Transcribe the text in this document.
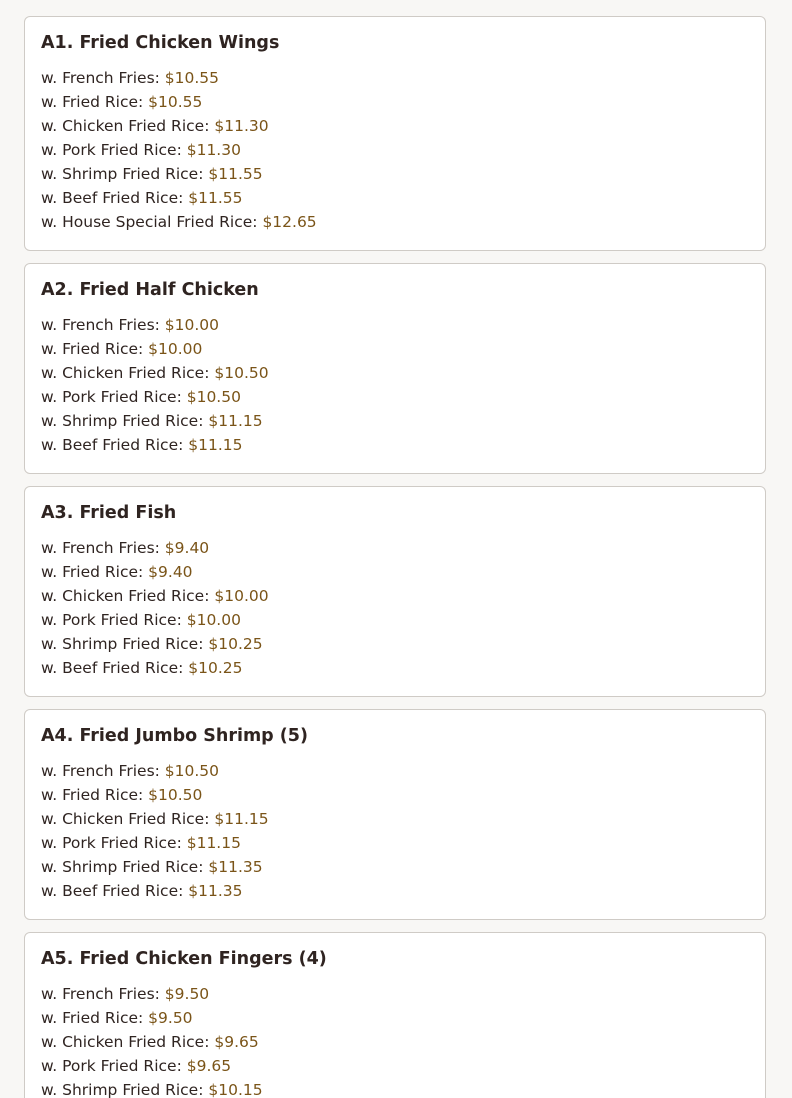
A1. Fried Chicken Wings
w. French Fries: $10.55
w. Fried Rice: $10.55
w. Chicken Fried Rice: $11.30
w. Pork Fried Rice: $11.30
w. Shrimp Fried Rice: $11.55
w. Beef Fried Rice: $11.55
w. House Special Fried Rice: $12.65
A2. Fried Half Chicken
w. French Fries: $10.00
w. Fried Rice: $10.00
w. Chicken Fried Rice: $10.50
w. Pork Fried Rice: $10.50
w. Shrimp Fried Rice: $11.15
w. Beef Fried Rice: $11.15
A3. Fried Fish
w. French Fries: $9.40
w. Fried Rice: $9.40
w. Chicken Fried Rice: $10.00
w. Pork Fried Rice: $10.00
w. Shrimp Fried Rice: $10.25
w. Beef Fried Rice: $10.25
A4. Fried Jumbo Shrimp (5)
w. French Fries: $10.50
w. Fried Rice: $10.50
w. Chicken Fried Rice: $11.15
w. Pork Fried Rice: $11.15
w. Shrimp Fried Rice: $11.35
w. Beef Fried Rice: $11.35
A5. Fried Chicken Fingers (4)
w. French Fries: $9.50
w. Fried Rice: $9.50
w. Chicken Fried Rice: $9.65
w. Pork Fried Rice: $9.65
w. Shrimp Fried Rice: $10.15
